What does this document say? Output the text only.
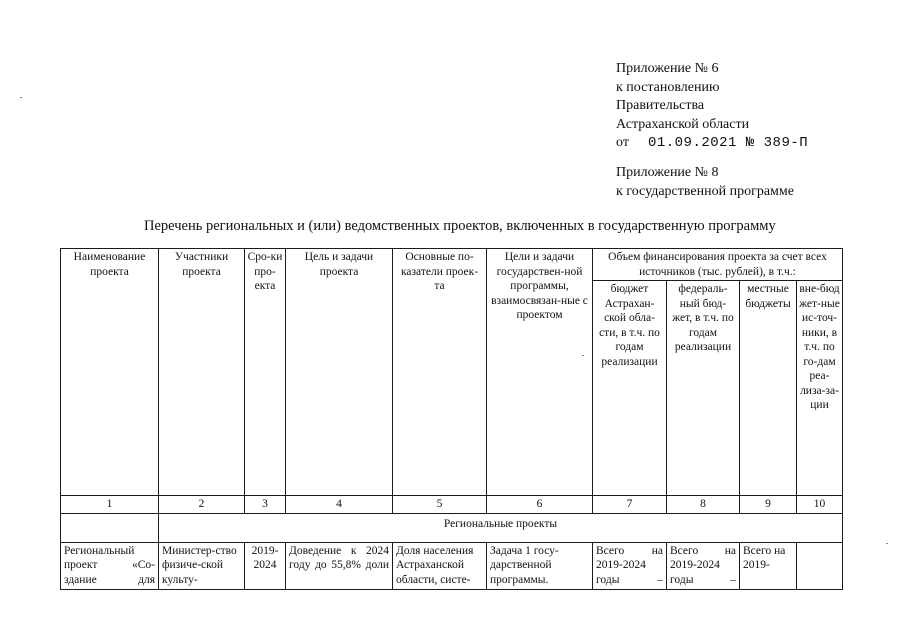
Приложение № 6
к постановлению
Правительства
Астраханской области
от 01.09.2021 № 389-П
Приложение № 8
к государственной программе
Перечень региональных и (или) ведомственных проектов, включенных в государственную программу
Наименование проекта	Участники проекта	Сро-ки про-екта	Цель и задачи проекта	Основные по-казатели проек-та	Цели и задачи государствен-ной программы, взаимосвязан-ные с проектом	Объем финансирования проекта за счет всех источников (тыс. рублей), в т.ч.:			
						бюджет Астрахан-ской обла-сти, в т.ч. по годам реализации	федераль-ный бюд-жет, в т.ч. по годам реализации	местные бюджеты	вне-бюд жет-ные ис-точ-ники, в т.ч. по го-дам реа-лиза-за-ции
1	2	3	4	5	6	7	8	9	10
	Региональные проекты								
Региональный проект «Со-здание для	Министер-ство физиче-ской культу-	2019-2024	Доведение к 2024 году до 55,8% доли	Доля населения Астраханской области, систе-	Задача 1 госу-дарственной программы.	Всего на 2019-2024 годы –	Всего на 2019-2024 годы –	Всего на 2019-	
